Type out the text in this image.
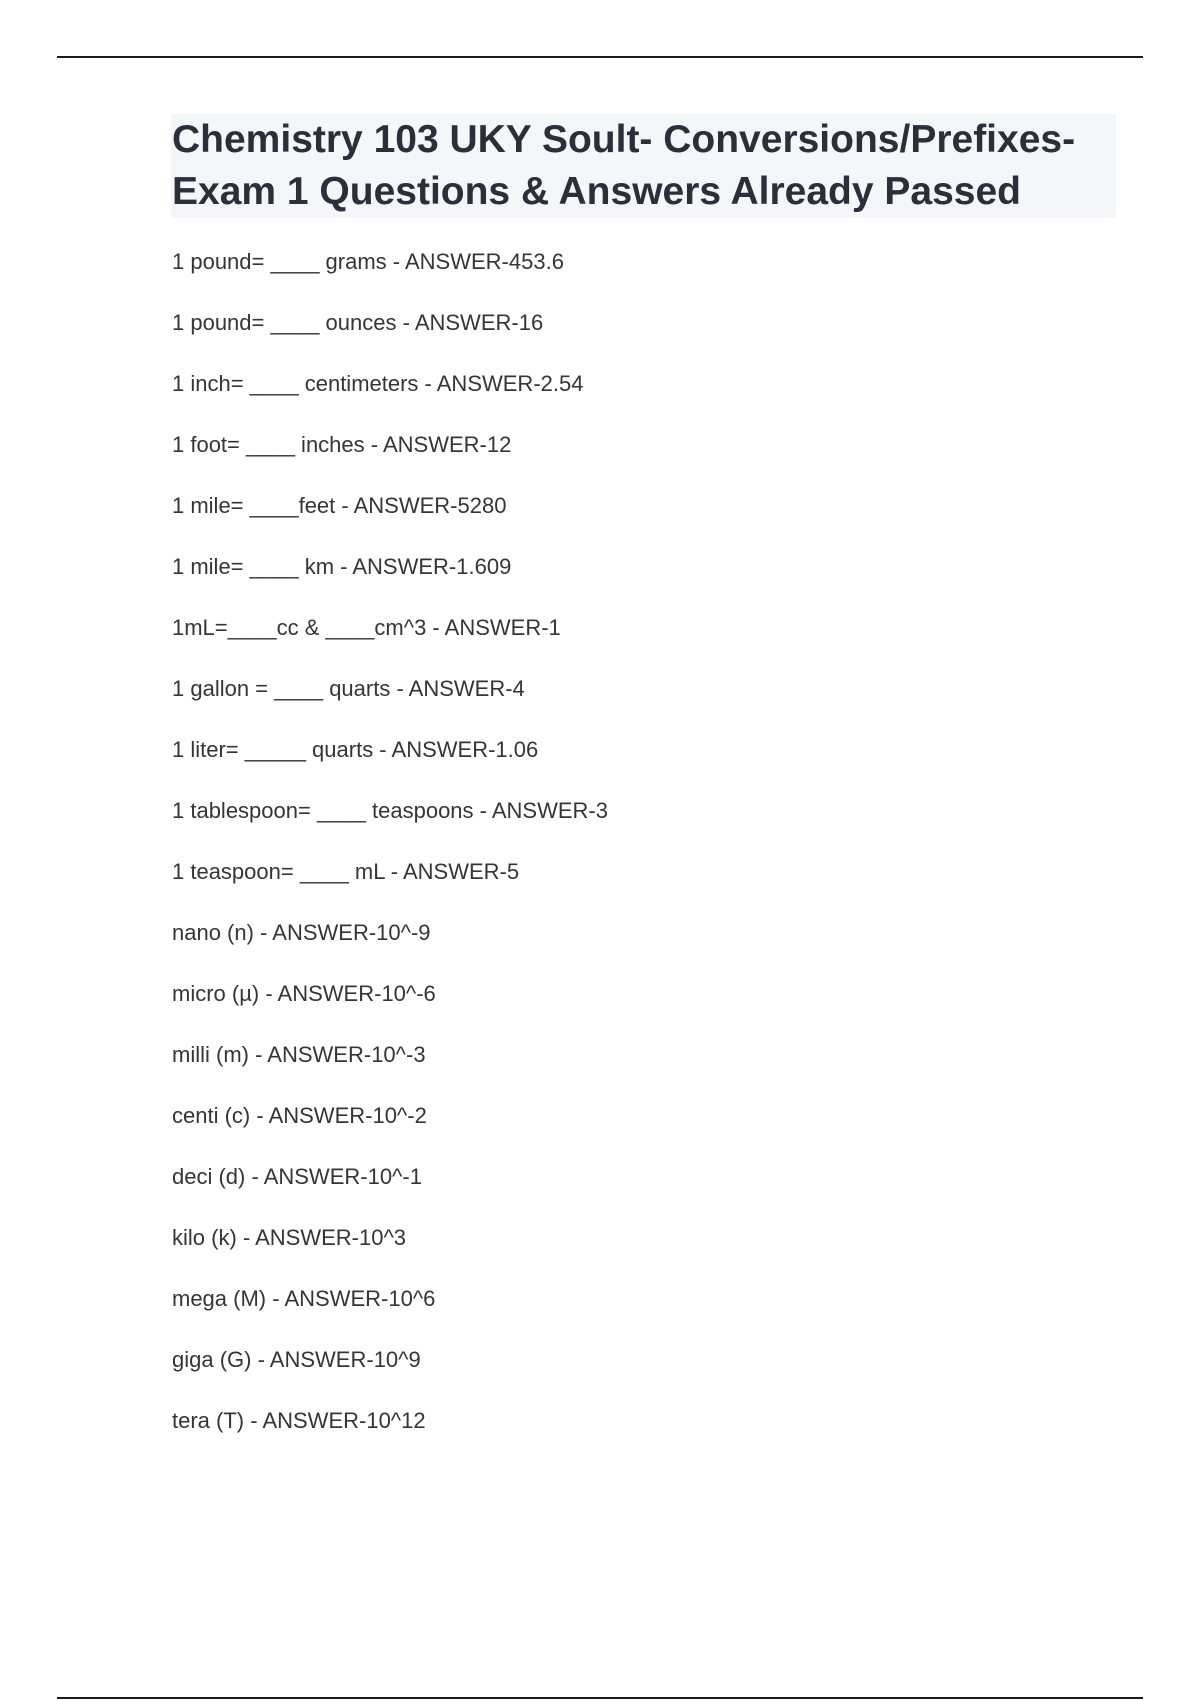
Chemistry 103 UKY Soult- Conversions/Prefixes-
Exam 1 Questions & Answers Already Passed
1 pound= ____ grams - ANSWER-453.6
1 pound= ____ ounces - ANSWER-16
1 inch= ____ centimeters - ANSWER-2.54
1 foot= ____ inches - ANSWER-12
1 mile= ____feet - ANSWER-5280
1 mile= ____ km - ANSWER-1.609
1mL=____cc & ____cm^3 - ANSWER-1
1 gallon = ____ quarts - ANSWER-4
1 liter= _____ quarts - ANSWER-1.06
1 tablespoon= ____ teaspoons - ANSWER-3
1 teaspoon= ____ mL - ANSWER-5
nano (n) - ANSWER-10^-9
micro (µ) - ANSWER-10^-6
milli (m) - ANSWER-10^-3
centi (c) - ANSWER-10^-2
deci (d) - ANSWER-10^-1
kilo (k) - ANSWER-10^3
mega (M) - ANSWER-10^6
giga (G) - ANSWER-10^9
tera (T) - ANSWER-10^12
